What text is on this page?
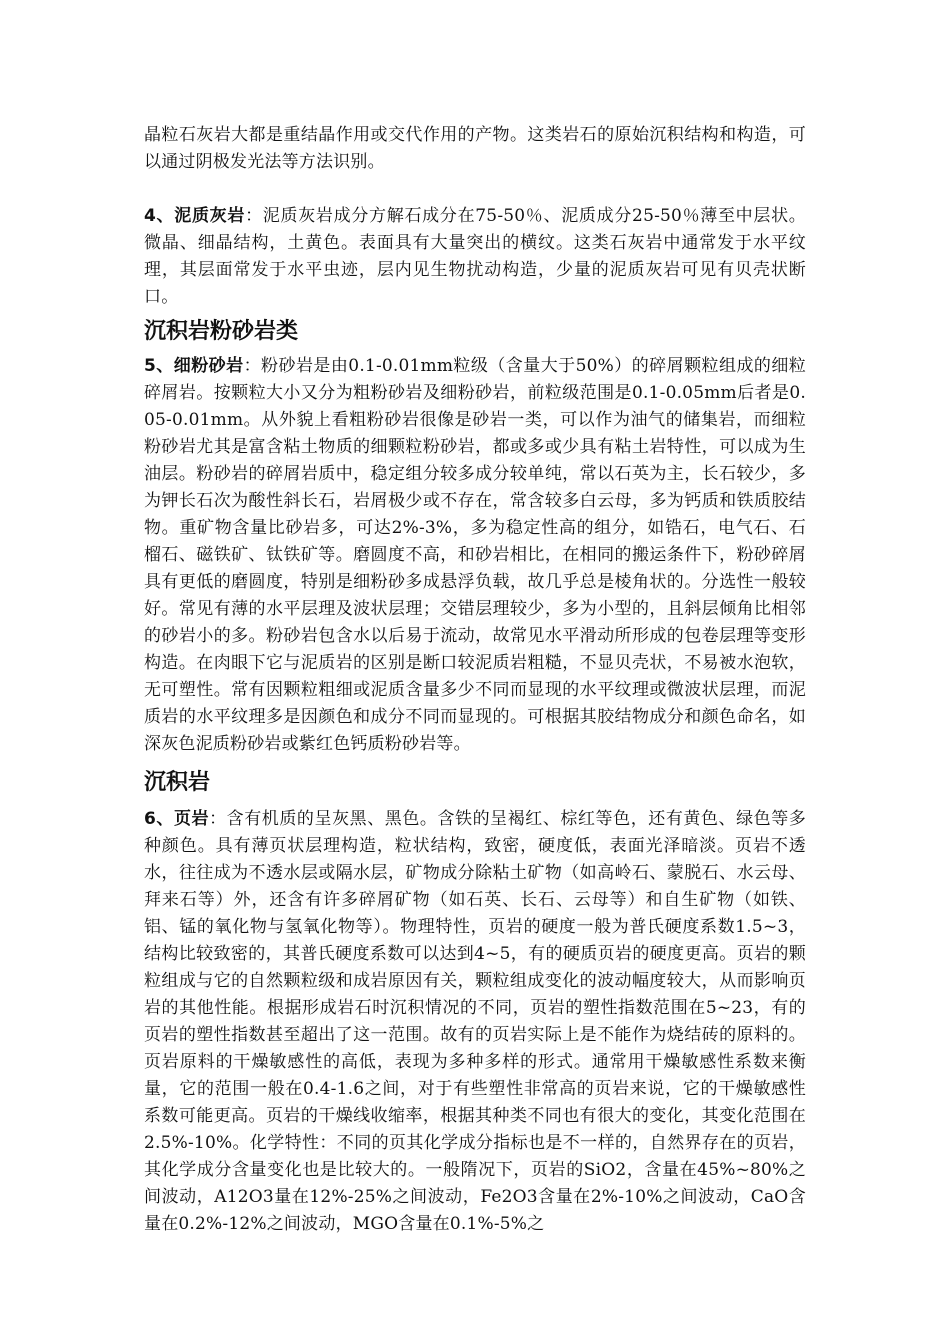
晶粒石灰岩大都是重结晶作用或交代作用的产物。这类岩石的原始沉积结构和构造，可以通过阴极发光法等方法识别。

4、泥质灰岩：泥质灰岩成分方解石成分在75-50％、泥质成分25-50％薄至中层状。微晶、细晶结构，土黄色。表面具有大量突出的横纹。这类石灰岩中通常发于水平纹理，其层面常发于水平虫迹，层内见生物扰动构造，少量的泥质灰岩可见有贝壳状断口。

沉积岩粉砂岩类

5、细粉砂岩：粉砂岩是由0.1-0.01mm粒级（含量大于50%）的碎屑颗粒组成的细粒碎屑岩。按颗粒大小又分为粗粉砂岩及细粉砂岩，前粒级范围是0.1-0.05mm后者是0.05-0.01mm。从外貌上看粗粉砂岩很像是砂岩一类，可以作为油气的储集岩，而细粒粉砂岩尤其是富含粘土物质的细颗粒粉砂岩，都或多或少具有粘土岩特性，可以成为生油层。粉砂岩的碎屑岩质中，稳定组分较多成分较单纯，常以石英为主，长石较少，多为钾长石次为酸性斜长石，岩屑极少或不存在，常含较多白云母，多为钙质和铁质胶结物。重矿物含量比砂岩多，可达2%-3%，多为稳定性高的组分，如锆石，电气石、石榴石、磁铁矿、钛铁矿等。磨圆度不高，和砂岩相比，在相同的搬运条件下，粉砂碎屑具有更低的磨圆度，特别是细粉砂多成悬浮负载，故几乎总是棱角状的。分选性一般较好。常见有薄的水平层理及波状层理；交错层理较少，多为小型的，且斜层倾角比相邻的砂岩小的多。粉砂岩包含水以后易于流动，故常见水平滑动所形成的包卷层理等变形构造。在肉眼下它与泥质岩的区别是断口较泥质岩粗糙，不显贝壳状，不易被水泡软，无可塑性。常有因颗粒粗细或泥质含量多少不同而显现的水平纹理或微波状层理，而泥质岩的水平纹理多是因颜色和成分不同而显现的。可根据其胶结物成分和颜色命名，如深灰色泥质粉砂岩或紫红色钙质粉砂岩等。

沉积岩

6、页岩：含有机质的呈灰黑、黑色。含铁的呈褐红、棕红等色，还有黄色、绿色等多种颜色。具有薄页状层理构造，粒状结构，致密，硬度低，表面光泽暗淡。页岩不透水，往往成为不透水层或隔水层，矿物成分除粘土矿物（如高岭石、蒙脱石、水云母、拜来石等）外，还含有许多碎屑矿物（如石英、长石、云母等）和自生矿物（如铁、铝、锰的氧化物与氢氧化物等）。物理特性，页岩的硬度一般为普氏硬度系数1.5~3，结构比较致密的，其普氏硬度系数可以达到4~5，有的硬质页岩的硬度更高。页岩的颗粒组成与它的自然颗粒级和成岩原因有关，颗粒组成变化的波动幅度较大，从而影响页岩的其他性能。根据形成岩石时沉积情况的不同，页岩的塑性指数范围在5~23，有的页岩的塑性指数甚至超出了这一范围。故有的页岩实际上是不能作为烧结砖的原料的。页岩原料的干燥敏感性的高低，表现为多种多样的形式。通常用干燥敏感性系数来衡量，它的范围一般在0.4-1.6之间，对于有些塑性非常高的页岩来说，它的干燥敏感性系数可能更高。页岩的干燥线收缩率，根据其种类不同也有很大的变化，其变化范围在2.5%-10%。化学特性：不同的页其化学成分指标也是不一样的，自然界存在的页岩，其化学成分含量变化也是比较大的。一般隋况下，页岩的SiO2，含量在45%~80%之间波动，A12O3量在12%-25%之间波动，Fe2O3含量在2%-10%之间波动，CaO含量在0.2%-12%之间波动，MGO含量在0.1%-5%之
